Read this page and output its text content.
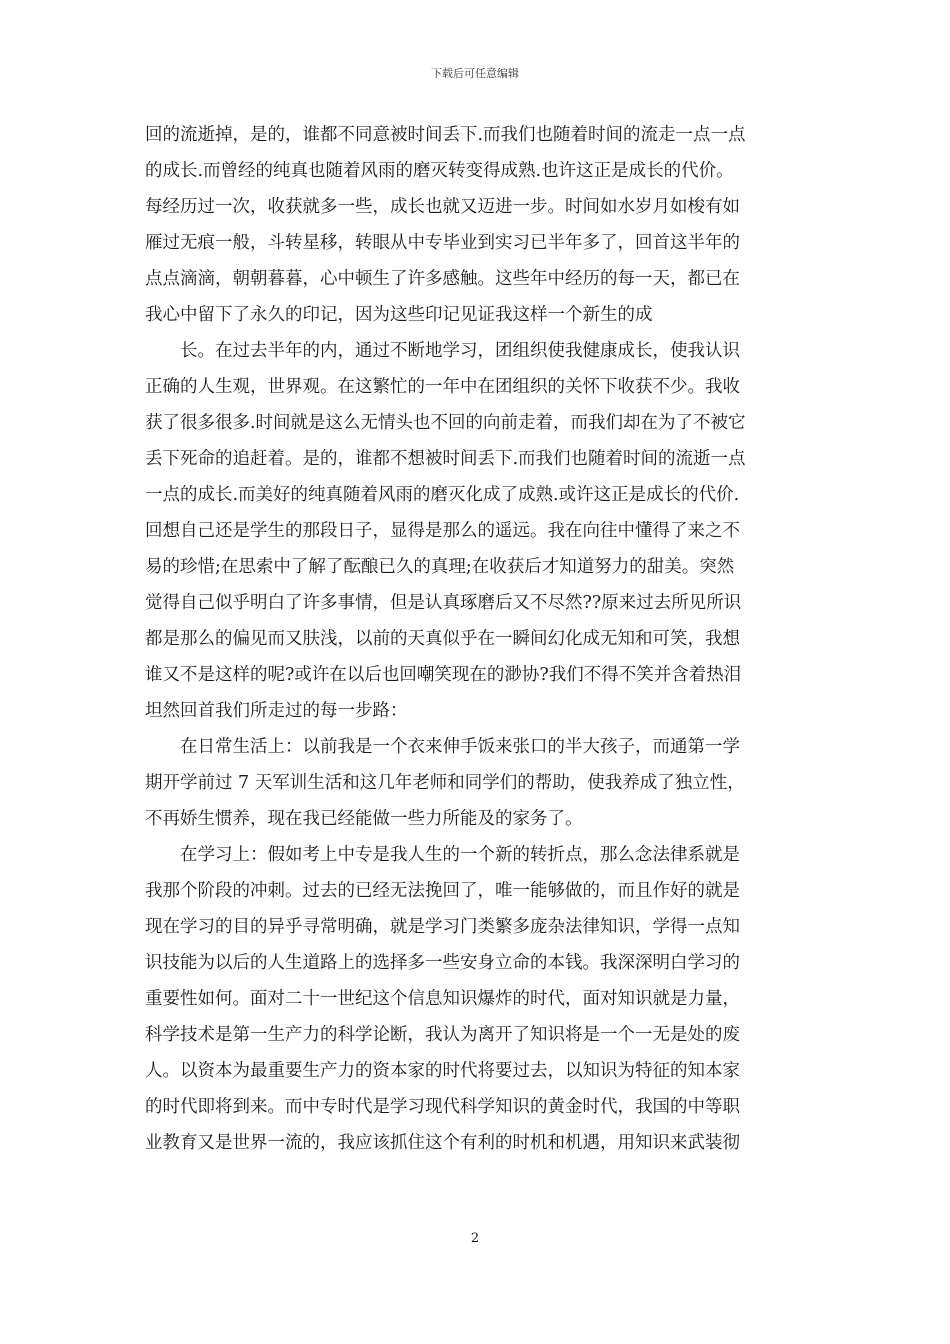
下载后可任意编辑
回的流逝掉，是的，谁都不同意被时间丢下.而我们也随着时间的流走一点一点
的成长.而曾经的纯真也随着风雨的磨灭转变得成熟.也许这正是成长的代价。
每经历过一次，收获就多一些，成长也就又迈进一步。时间如水岁月如梭有如
雁过无痕一般，斗转星移，转眼从中专毕业到实习已半年多了，回首这半年的
点点滴滴，朝朝暮暮，心中顿生了许多感触。这些年中经历的每一天，都已在
我心中留下了永久的印记，因为这些印记见证我这样一个新生的成
长。在过去半年的内，通过不断地学习，团组织使我健康成长，使我认识
正确的人生观，世界观。在这繁忙的一年中在团组织的关怀下收获不少。我收
获了很多很多.时间就是这么无情头也不回的向前走着，而我们却在为了不被它
丢下死命的追赶着。是的，谁都不想被时间丢下.而我们也随着时间的流逝一点
一点的成长.而美好的纯真随着风雨的磨灭化成了成熟.或许这正是成长的代价.
回想自己还是学生的那段日子，显得是那么的遥远。我在向往中懂得了来之不
易的珍惜;在思索中了解了酝酿已久的真理;在收获后才知道努力的甜美。突然
觉得自己似乎明白了许多事情，但是认真琢磨后又不尽然??原来过去所见所识
都是那么的偏见而又肤浅，以前的天真似乎在一瞬间幻化成无知和可笑，我想
谁又不是这样的呢?或许在以后也回嘲笑现在的渺协?我们不得不笑并含着热泪
坦然回首我们所走过的每一步路：
在日常生活上：以前我是一个衣来伸手饭来张口的半大孩子，而通第一学
期开学前过 7 天军训生活和这几年老师和同学们的帮助，使我养成了独立性，
不再娇生惯养，现在我已经能做一些力所能及的家务了。
在学习上：假如考上中专是我人生的一个新的转折点，那么念法律系就是
我那个阶段的冲刺。过去的已经无法挽回了，唯一能够做的，而且作好的就是
现在学习的目的异乎寻常明确，就是学习门类繁多庞杂法律知识，学得一点知
识技能为以后的人生道路上的选择多一些安身立命的本钱。我深深明白学习的
重要性如何。面对二十一世纪这个信息知识爆炸的时代，面对知识就是力量，
科学技术是第一生产力的科学论断，我认为离开了知识将是一个一无是处的废
人。以资本为最重要生产力的资本家的时代将要过去，以知识为特征的知本家
的时代即将到来。而中专时代是学习现代科学知识的黄金时代，我国的中等职
业教育又是世界一流的，我应该抓住这个有利的时机和机遇，用知识来武装彻
2
